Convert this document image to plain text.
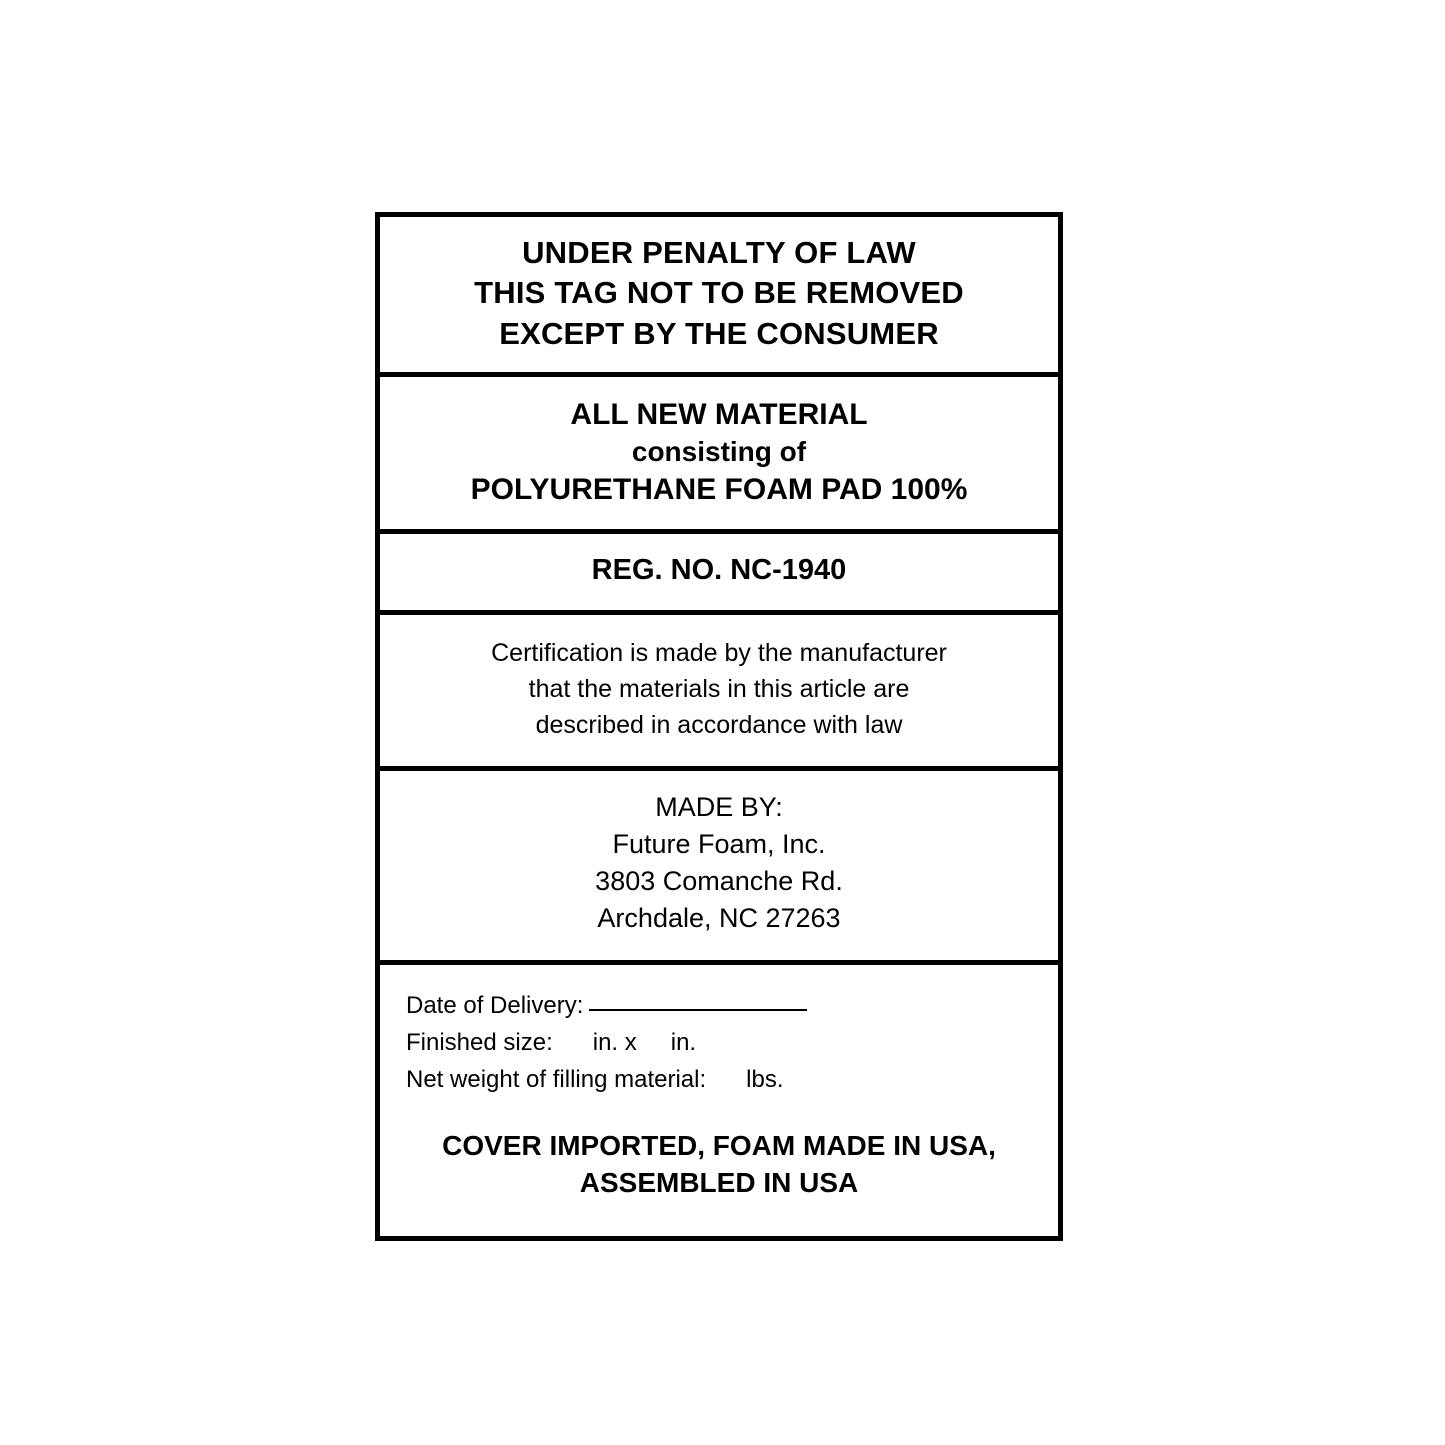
UNDER PENALTY OF LAW
THIS TAG NOT TO BE REMOVED
EXCEPT BY THE CONSUMER
ALL NEW MATERIAL
consisting of
POLYURETHANE FOAM PAD 100%
REG. NO. NC-1940
Certification is made by the manufacturer
that the materials in this article are
described in accordance with law
MADE BY:
Future Foam, Inc.
3803 Comanche Rd.
Archdale, NC 27263
Date of Delivery:
Finished size: in. x in.
Net weight of filling material: lbs.
COVER IMPORTED, FOAM MADE IN USA,
ASSEMBLED IN USA
